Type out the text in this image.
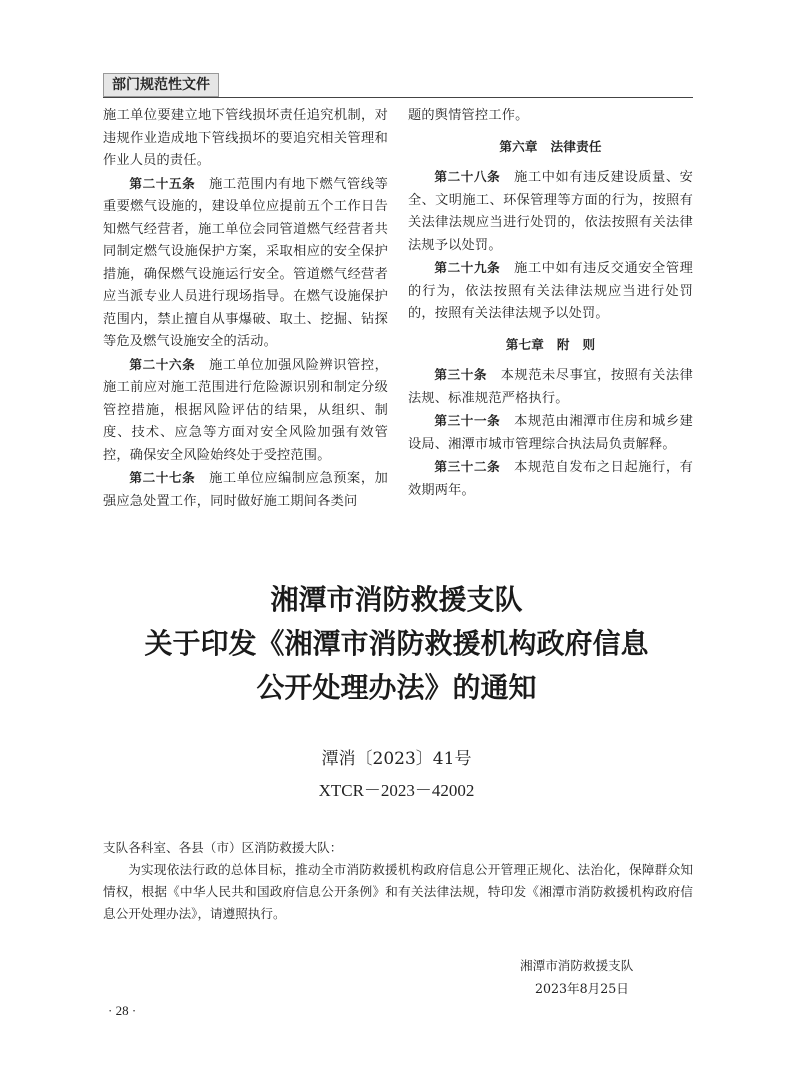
部门规范性文件

施工单位要建立地下管线损坏责任追究机制，对违规作业造成地下管线损坏的要追究相关管理和作业人员的责任。

第二十五条　 施工范围内有地下燃气管线等重要燃气设施的，建设单位应提前五个工作日告知燃气经营者，施工单位会同管道燃气经营者共同制定燃气设施保护方案，采取相应的安全保护措施，确保燃气设施运行安全。管道燃气经营者应当派专业人员进行现场指导。在燃气设施保护范围内，禁止擅自从事爆破、取土、挖掘、钻探等危及燃气设施安全的活动。

第二十六条　 施工单位加强风险辨识管控，施工前应对施工范围进行危险源识别和制定分级管控措施，根据风险评估的结果，从组织、制度、技术、应急等方面对安全风险加强有效管控，确保安全风险始终处于受控范围。

第二十七条　 施工单位应编制应急预案，加强应急处置工作，同时做好施工期间各类问

题的舆情管控工作。

第六章　法律责任

第二十八条　 施工中如有违反建设质量、安全、文明施工、环保管理等方面的行为，按照有关法律法规应当进行处罚的，依法按照有关法律法规予以处罚。

第二十九条　 施工中如有违反交通安全管理的行为，依法按照有关法律法规应当进行处罚的，按照有关法律法规予以处罚。

第七章　附　则

第三十条　 本规范未尽事宜，按照有关法律法规、标准规范严格执行。

第三十一条　 本规范由湘潭市住房和城乡建设局、湘潭市城市管理综合执法局负责解释。

第三十二条　 本规范自发布之日起施行，有效期两年。

湘潭市消防救援支队
关于印发《湘潭市消防救援机构政府信息
公开处理办法》的通知
潭消〔2023〕41号
XTCR－2023－42002

支队各科室、各县（市）区消防救援大队：

为实现依法行政的总体目标，推动全市消防救援机构政府信息公开管理正规化、法治化，保障群众知情权，根据《中华人民共和国政府信息公开条例》和有关法律法规，特印发《湘潭市消防救援机构政府信息公开处理办法》，请遵照执行。

湘潭市消防救援支队
2023年8月25日
· 28 ·
